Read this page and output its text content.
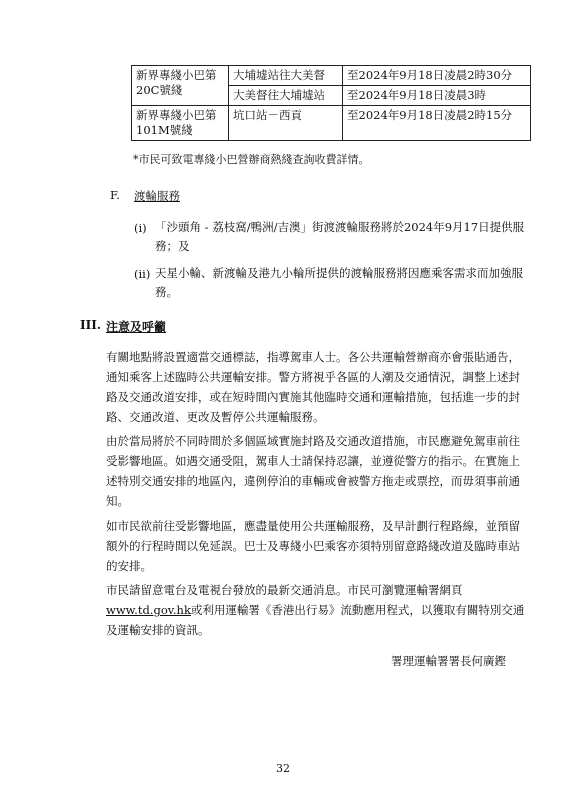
新界專綫小巴第20C號綫	大埔墟站往大美督	至2024年9月18日凌晨2時30分
	大美督往大埔墟站	至2024年9月18日凌晨3時
新界專綫小巴第101M號綫	坑口站－西貢	至2024年9月18日凌晨2時15分
*市民可致電專綫小巴營辦商熱綫查詢收費詳情。
F. 渡輪服務
(i) 「沙頭角 - 荔枝窩/鴨洲/吉澳」街渡渡輪服務將於2024年9月17日提供服務；及
(ii) 天星小輪、新渡輪及港九小輪所提供的渡輪服務將因應乘客需求而加強服務。
III. 注意及呼籲
有關地點將設置適當交通標誌，指導駕車人士。各公共運輸營辦商亦會張貼通告，通知乘客上述臨時公共運輸安排。警方將視乎各區的人潮及交通情況，調整上述封路及交通改道安排，或在短時間內實施其他臨時交通和運輸措施，包括進一步的封路、交通改道、更改及暫停公共運輸服務。
由於當局將於不同時間於多個區域實施封路及交通改道措施，市民應避免駕車前往受影響地區。如遇交通受阻，駕車人士請保持忍讓，並遵從警方的指示。在實施上述特別交通安排的地區內，違例停泊的車輛或會被警方拖走或票控，而毋須事前通知。
如市民欲前往受影響地區，應盡量使用公共運輸服務，及早計劃行程路線，並預留額外的行程時間以免延誤。巴士及專綫小巴乘客亦須特別留意路綫改道及臨時車站的安排。
市民請留意電台及電視台發放的最新交通消息。市民可瀏覽運輸署網頁www.td.gov.hk或利用運輸署《香港出行易》流動應用程式，以獲取有關特別交通及運輸安排的資訊。
署理運輸署署長何廣鏗
32
